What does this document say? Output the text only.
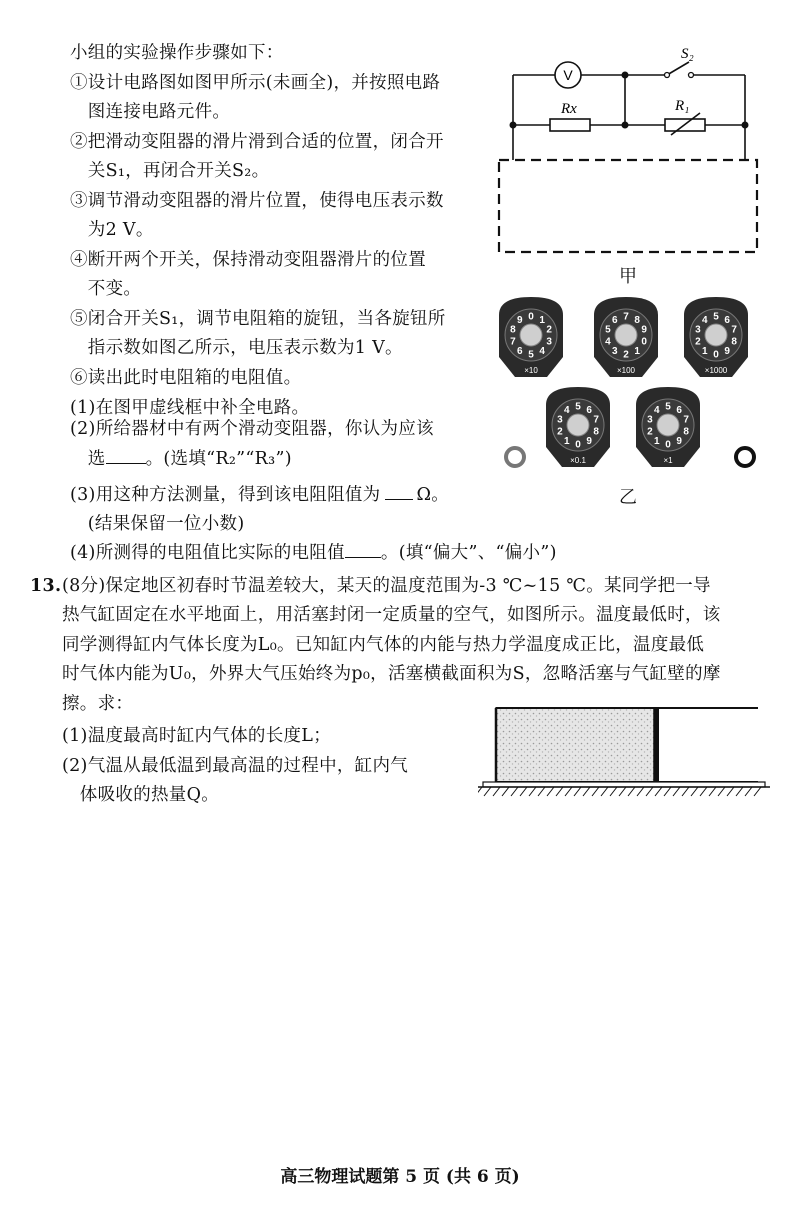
小组的实验操作步骤如下：
①设计电路图如图甲所示(未画全)，并按照电路
　图连接电路元件。
②把滑动变阻器的滑片滑到合适的位置，闭合开
　关S₁，再闭合开关S₂。
③调节滑动变阻器的滑片位置，使得电压表示数
　为2 V。
④断开两个开关，保持滑动变阻器滑片的位置
　不变。
⑤闭合开关S₁，调节电阻箱的旋钮，当各旋钮所
　指示数如图乙所示，电压表示数为1 V。
⑥读出此时电阻箱的电阻值。
(1)在图甲虚线框中补全电路。
(2)所给器材中有两个滑动变阻器，你认为应该
　选 。(选填“R₂”“R₃”)
(3)用这种方法测量，得到该电阻阻值为 Ω。
　(结果保留一位小数)
(4)所测得的电阻值比实际的电阻值 。(填“偏大”、“偏小”)
13. (8分)保定地区初春时节温差较大，某天的温度范围为-3 ℃~15 ℃。某同学把一导
热气缸固定在水平地面上，用活塞封闭一定质量的空气，如图所示。温度最低时，该
同学测得缸内气体长度为L₀。已知缸内气体的内能与热力学温度成正比，温度最低
时气体内能为U₀，外界大气压始终为p₀，活塞横截面积为S，忽略活塞与气缸壁的摩
擦。求：
(1)温度最高时缸内气体的长度L；
(2)气温从最低温到最高温的过程中，缸内气
　体吸收的热量Q。
V
S₂
Rx	R₁
甲
0 1
2
3
4
5
6
7
8
9
×10
0
1
2
3
4
5
6 7 8
9
×100
0
1
2
3
4 5 6
7
8
9
×1000
0
1
2
3
4 5 6
7
8
9
×0.1
0
1
2
3
4 5 6
7
8
9
×1
乙
高三物理试题第 5 页 (共 6 页)
